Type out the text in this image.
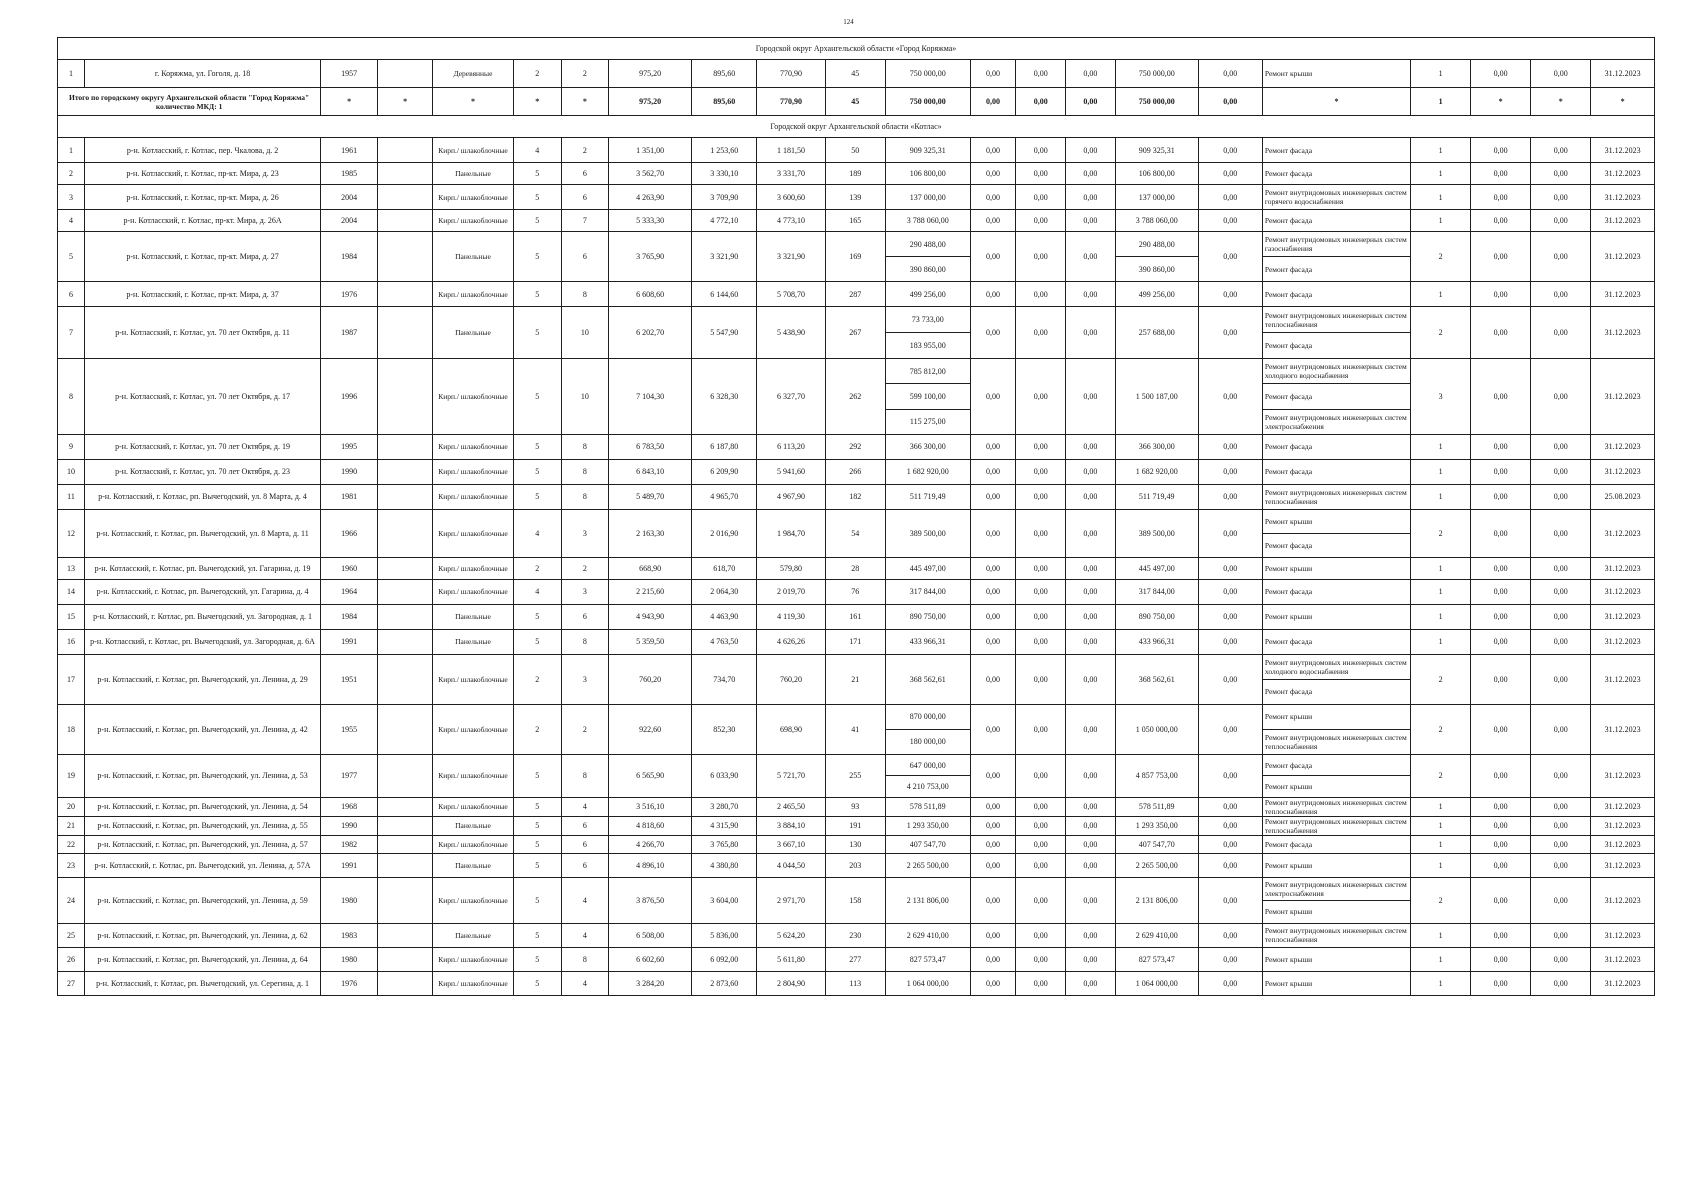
124
Городской округ Архангельской области «Город Коряжма»																					
1	г. Коряжма, ул. Гоголя, д. 18	1957		Деревянные	2	2	975,20	895,60	770,90	45	750 000,00	0,00	0,00	0,00	750 000,00	0,00	Ремонт крыши	1	0,00	0,00	31.12.2023
Итого по городскому округу Архангельской области "Город Коряжма" количество МКД: 1		*	*	*	*	*	975,20	895,60	770,90	45	750 000,00	0,00	0,00	0,00	750 000,00	0,00	*	1	*	*	*
Городской округ Архангельской области «Котлас»																					
1	р-н. Котласский, г. Котлас, пер. Чкалова, д. 2	1961		Кирп./ шлакоблочные	4	2	1 351,00	1 253,60	1 181,50	50	909 325,31	0,00	0,00	0,00	909 325,31	0,00	Ремонт фасада	1	0,00	0,00	31.12.2023
2	р-н. Котласский, г. Котлас, пр-кт. Мира, д. 23	1985		Панельные	5	6	3 562,70	3 330,10	3 331,70	189	106 800,00	0,00	0,00	0,00	106 800,00	0,00	Ремонт фасада	1	0,00	0,00	31.12.2023
3	р-н. Котласский, г. Котлас, пр-кт. Мира, д. 26	2004		Кирп./ шлакоблочные	5	6	4 263,90	3 709,90	3 600,60	139	137 000,00	0,00	0,00	0,00	137 000,00	0,00	Ремонт внутридомовых инженерных систем горячего водоснабжения	1	0,00	0,00	31.12.2023
4	р-н. Котласский, г. Котлас, пр-кт. Мира, д. 26А	2004		Кирп./ шлакоблочные	5	7	5 333,30	4 772,10	4 773,10	165	3 788 060,00	0,00	0,00	0,00	3 788 060,00	0,00	Ремонт фасада	1	0,00	0,00	31.12.2023
5	р-н. Котласский, г. Котлас, пр-кт. Мира, д. 27	1984		Панельные	5	6	3 765,90	3 321,90	3 321,90	169	290 488,00	0,00	0,00	0,00	290 488,00	0,00	Ремонт внутридомовых инженерных систем газоснабжения	2	0,00	0,00	31.12.2023
											390 860,00				390 860,00		Ремонт фасада				
6	р-н. Котласский, г. Котлас, пр-кт. Мира, д. 37	1976		Кирп./ шлакоблочные	5	8	6 608,60	6 144,60	5 708,70	287	499 256,00	0,00	0,00	0,00	499 256,00	0,00	Ремонт фасада	1	0,00	0,00	31.12.2023
7	р-н. Котласский, г. Котлас, ул. 70 лет Октября, д. 11	1987		Панельные	5	10	6 202,70	5 547,90	5 438,90	267	73 733,00	0,00	0,00	0,00	257 688,00	0,00	Ремонт внутридомовых инженерных систем теплоснабжения	2	0,00	0,00	31.12.2023
											183 955,00						Ремонт фасада				
8	р-н. Котласский, г. Котлас, ул. 70 лет Октября, д. 17	1996		Кирп./ шлакоблочные	5	10	7 104,30	6 328,30	6 327,70	262	785 812,00	0,00	0,00	0,00	1 500 187,00	0,00	Ремонт внутридомовых инженерных систем холодного водоснабжения	3	0,00	0,00	31.12.2023
											599 100,00						Ремонт фасада				
											115 275,00						Ремонт внутридомовых инженерных систем электроснабжения				
9	р-н. Котласский, г. Котлас, ул. 70 лет Октября, д. 19	1995		Кирп./ шлакоблочные	5	8	6 783,50	6 187,80	6 113,20	292	366 300,00	0,00	0,00	0,00	366 300,00	0,00	Ремонт фасада	1	0,00	0,00	31.12.2023
10	р-н. Котласский, г. Котлас, ул. 70 лет Октября, д. 23	1990		Кирп./ шлакоблочные	5	8	6 843,10	6 209,90	5 941,60	266	1 682 920,00	0,00	0,00	0,00	1 682 920,00	0,00	Ремонт фасада	1	0,00	0,00	31.12.2023
11	р-н. Котласский, г. Котлас, рп. Вычегодский, ул. 8 Марта, д. 4	1981		Кирп./ шлакоблочные	5	8	5 489,70	4 965,70	4 967,90	182	511 719,49	0,00	0,00	0,00	511 719,49	0,00	Ремонт внутридомовых инженерных систем теплоснабжения	1	0,00	0,00	25.08.2023
12	р-н. Котласский, г. Котлас, рп. Вычегодский, ул. 8 Марта, д. 11	1966		Кирп./ шлакоблочные	4	3	2 163,30	2 016,90	1 984,70	54	389 500,00	0,00	0,00	0,00	389 500,00	0,00	Ремонт крыши	2	0,00	0,00	31.12.2023
																	Ремонт фасада				
13	р-н. Котласский, г. Котлас, рп. Вычегодский, ул. Гагарина, д. 19	1960		Кирп./ шлакоблочные	2	2	668,90	618,70	579,80	28	445 497,00	0,00	0,00	0,00	445 497,00	0,00	Ремонт крыши	1	0,00	0,00	31.12.2023
14	р-н. Котласский, г. Котлас, рп. Вычегодский, ул. Гагарина, д. 4	1964		Кирп./ шлакоблочные	4	3	2 215,60	2 064,30	2 019,70	76	317 844,00	0,00	0,00	0,00	317 844,00	0,00	Ремонт фасада	1	0,00	0,00	31.12.2023
15	р-н. Котласский, г. Котлас, рп. Вычегодский, ул. Загородная, д. 1	1984		Панельные	5	6	4 943,90	4 463,90	4 119,30	161	890 750,00	0,00	0,00	0,00	890 750,00	0,00	Ремонт крыши	1	0,00	0,00	31.12.2023
16	р-н. Котласский, г. Котлас, рп. Вычегодский, ул. Загородная, д. 6А	1991		Панельные	5	8	5 359,50	4 763,50	4 626,26	171	433 966,31	0,00	0,00	0,00	433 966,31	0,00	Ремонт фасада	1	0,00	0,00	31.12.2023
17	р-н. Котласский, г. Котлас, рп. Вычегодский, ул. Ленина, д. 29	1951		Кирп./ шлакоблочные	2	3	760,20	734,70	760,20	21	368 562,61	0,00	0,00	0,00	368 562,61	0,00	Ремонт внутридомовых инженерных систем холодного водоснабжения	2	0,00	0,00	31.12.2023
																	Ремонт фасада				
18	р-н. Котласский, г. Котлас, рп. Вычегодский, ул. Ленина, д. 42	1955		Кирп./ шлакоблочные	2	2	922,60	852,30	698,90	41	870 000,00	0,00	0,00	0,00	1 050 000,00	0,00	Ремонт крыши	2	0,00	0,00	31.12.2023
											180 000,00						Ремонт внутридомовых инженерных систем теплоснабжения				
19	р-н. Котласский, г. Котлас, рп. Вычегодский, ул. Ленина, д. 53	1977		Кирп./ шлакоблочные	5	8	6 565,90	6 033,90	5 721,70	255	647 000,00	0,00	0,00	0,00	4 857 753,00	0,00	Ремонт фасада	2	0,00	0,00	31.12.2023
											4 210 753,00						Ремонт крыши				
20	р-н. Котласский, г. Котлас, рп. Вычегодский, ул. Ленина, д. 54	1968		Кирп./ шлакоблочные	5	4	3 516,10	3 280,70	2 465,50	93	578 511,89	0,00	0,00	0,00	578 511,89	0,00	Ремонт внутридомовых инженерных систем теплоснабжения	1	0,00	0,00	31.12.2023
21	р-н. Котласский, г. Котлас, рп. Вычегодский, ул. Ленина, д. 55	1990		Панельные	5	6	4 818,60	4 315,90	3 884,10	191	1 293 350,00	0,00	0,00	0,00	1 293 350,00	0,00	Ремонт внутридомовых инженерных систем теплоснабжения	1	0,00	0,00	31.12.2023
22	р-н. Котласский, г. Котлас, рп. Вычегодский, ул. Ленина, д. 57	1982		Кирп./ шлакоблочные	5	6	4 266,70	3 765,80	3 667,10	130	407 547,70	0,00	0,00	0,00	407 547,70	0,00	Ремонт фасада	1	0,00	0,00	31.12.2023
23	р-н. Котласский, г. Котлас, рп. Вычегодский, ул. Ленина, д. 57А	1991		Панельные	5	6	4 896,10	4 380,80	4 044,50	203	2 265 500,00	0,00	0,00	0,00	2 265 500,00	0,00	Ремонт крыши	1	0,00	0,00	31.12.2023
24	р-н. Котласский, г. Котлас, рп. Вычегодский, ул. Ленина, д. 59	1980		Кирп./ шлакоблочные	5	4	3 876,50	3 604,00	2 971,70	158	2 131 806,00	0,00	0,00	0,00	2 131 806,00	0,00	Ремонт внутридомовых инженерных систем электроснабжения	2	0,00	0,00	31.12.2023
																	Ремонт крыши				
25	р-н. Котласский, г. Котлас, рп. Вычегодский, ул. Ленина, д. 62	1983		Панельные	5	4	6 508,00	5 836,00	5 624,20	230	2 629 410,00	0,00	0,00	0,00	2 629 410,00	0,00	Ремонт внутридомовых инженерных систем теплоснабжения	1	0,00	0,00	31.12.2023
26	р-н. Котласский, г. Котлас, рп. Вычегодский, ул. Ленина, д. 64	1980		Кирп./ шлакоблочные	5	8	6 602,60	6 092,00	5 611,80	277	827 573,47	0,00	0,00	0,00	827 573,47	0,00	Ремонт крыши	1	0,00	0,00	31.12.2023
27	р-н. Котласский, г. Котлас, рп. Вычегодский, ул. Серегина, д. 1	1976		Кирп./ шлакоблочные	5	4	3 284,20	2 873,60	2 804,90	113	1 064 000,00	0,00	0,00	0,00	1 064 000,00	0,00	Ремонт крыши	1	0,00	0,00	31.12.2023
